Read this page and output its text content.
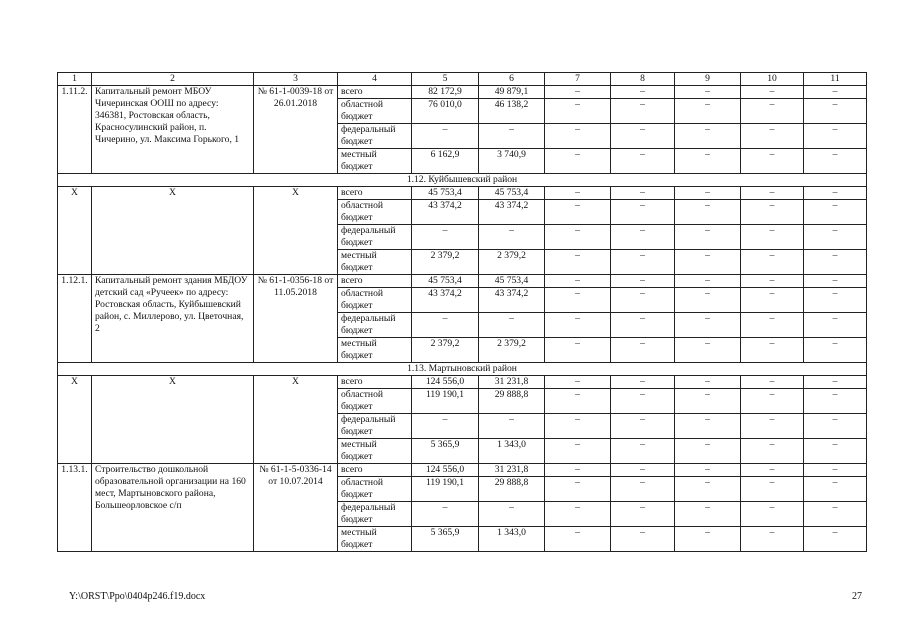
1	2	3	4	5	6	7	8	9	10	11
1.11.2.	Капитальный ремонт МБОУ Чичеринская ООШ по адресу: 346381, Ростовская область, Красносулинский район, п. Чичерино, ул. Максима Горького, 1	№ 61-1-0039-18 от 26.01.2018	всего	82 172,9	49 879,1	–	–	–	–	–
			областной бюджет	76 010,0	46 138,2	–	–	–	–	–
			федеральный бюджет	–	–	–	–	–	–	–
			местный бюджет	6 162,9	3 740,9	–	–	–	–	–
1.12. Куйбышевский район										
X	X	X	всего	45 753,4	45 753,4	–	–	–	–	–
			областной бюджет	43 374,2	43 374,2	–	–	–	–	–
			федеральный бюджет	–	–	–	–	–	–	–
			местный бюджет	2 379,2	2 379,2	–	–	–	–	–
1.12.1.	Капитальный ремонт здания МБДОУ детский сад «Ручеек» по адресу: Ростовская область, Куйбышевский район, с. Миллерово, ул. Цветочная, 2	№ 61-1-0356-18 от 11.05.2018	всего	45 753,4	45 753,4	–	–	–	–	–
			областной бюджет	43 374,2	43 374,2	–	–	–	–	–
			федеральный бюджет	–	–	–	–	–	–	–
			местный бюджет	2 379,2	2 379,2	–	–	–	–	–
1.13. Мартыновский район										
X	X	X	всего	124 556,0	31 231,8	–	–	–	–	–
			областной бюджет	119 190,1	29 888,8	–	–	–	–	–
			федеральный бюджет	–	–	–	–	–	–	–
			местный бюджет	5 365,9	1 343,0	–	–	–	–	–
1.13.1.	Строительство дошкольной образовательной организации на 160 мест, Мартыновского района, Большеорловское с/п	№ 61-1-5-0336-14 от 10.07.2014	всего	124 556,0	31 231,8	–	–	–	–	–
			областной бюджет	119 190,1	29 888,8	–	–	–	–	–
			федеральный бюджет	–	–	–	–	–	–	–
			местный бюджет	5 365,9	1 343,0	–	–	–	–	–
Y:\ORST\Ppo\0404p246.f19.docx	27
